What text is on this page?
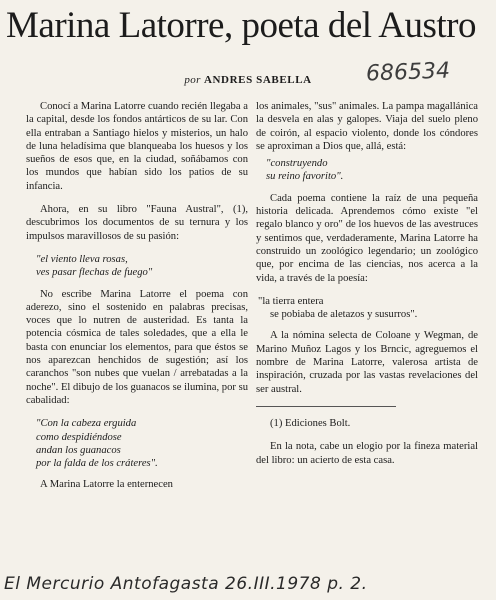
Marina Latorre, poeta del Austro
686534
por ANDRES SABELLA

Conocí a Marina Latorre cuando recién llegaba a la capital, desde los fondos antárticos de su lar. Con ella entraban a Santiago hielos y misterios, un halo de luna heladísima que blanqueaba los huesos y los sueños de esos que, en la ciudad, soñábamos con los mundos que habían sido los patios de su infancia.

Ahora, en su libro "Fauna Austral", (1), descubrimos los documentos de su ternura y los impulsos maravillosos de su pasión:

"el viento lleva rosas,
ves pasar flechas de fuego"

No escribe Marina Latorre el poema con aderezo, sino el sostenido en palabras precisas, voces que lo nutren de austeridad. Es tanta la potencia cósmica de tales soledades, que a ella le basta con enunciar los elementos, para que éstos se nos aparezcan henchidos de sugestión; así los caranchos "son nubes que vuelan / arrebatadas a la noche". El dibujo de los guanacos se ilumina, por su cabalidad:

"Con la cabeza erguida
como despidiéndose
andan los guanacos
por la falda de los cráteres".

A Marina Latorre la enternecen

los animales, "sus" animales. La pampa magallánica la desvela en alas y galopes. Viaja del suelo pleno de coirón, al espacio violento, donde los cóndores se aproximan a Dios que, allá, está:

"construyendo
su reino favorito".

Cada poema contiene la raíz de una pequeña historia delicada. Aprendemos cómo existe "el regalo blanco y oro" de los huevos de las avestruces y sentimos que, verdaderamente, Marina Latorre ha construido un zoológico legendario; un zoológico que, por encima de las ciencias, nos acerca a la vida, a través de la poesía:

"la tierra entera
se pobiaba de aletazos y susurros".

A la nómina selecta de Coloane y Wegman, de Marino Muñoz Lagos y los Brncic, agreguemos el nombre de Marina Latorre, valerosa artista de inspiración, cruzada por las vastas revelaciones del ser austral.

(1) Ediciones Bolt.

En la nota, cabe un elogio por la fineza material del libro: un acierto de esta casa.

El Mercurio Antofagasta 26.III.1978 p. 2.
